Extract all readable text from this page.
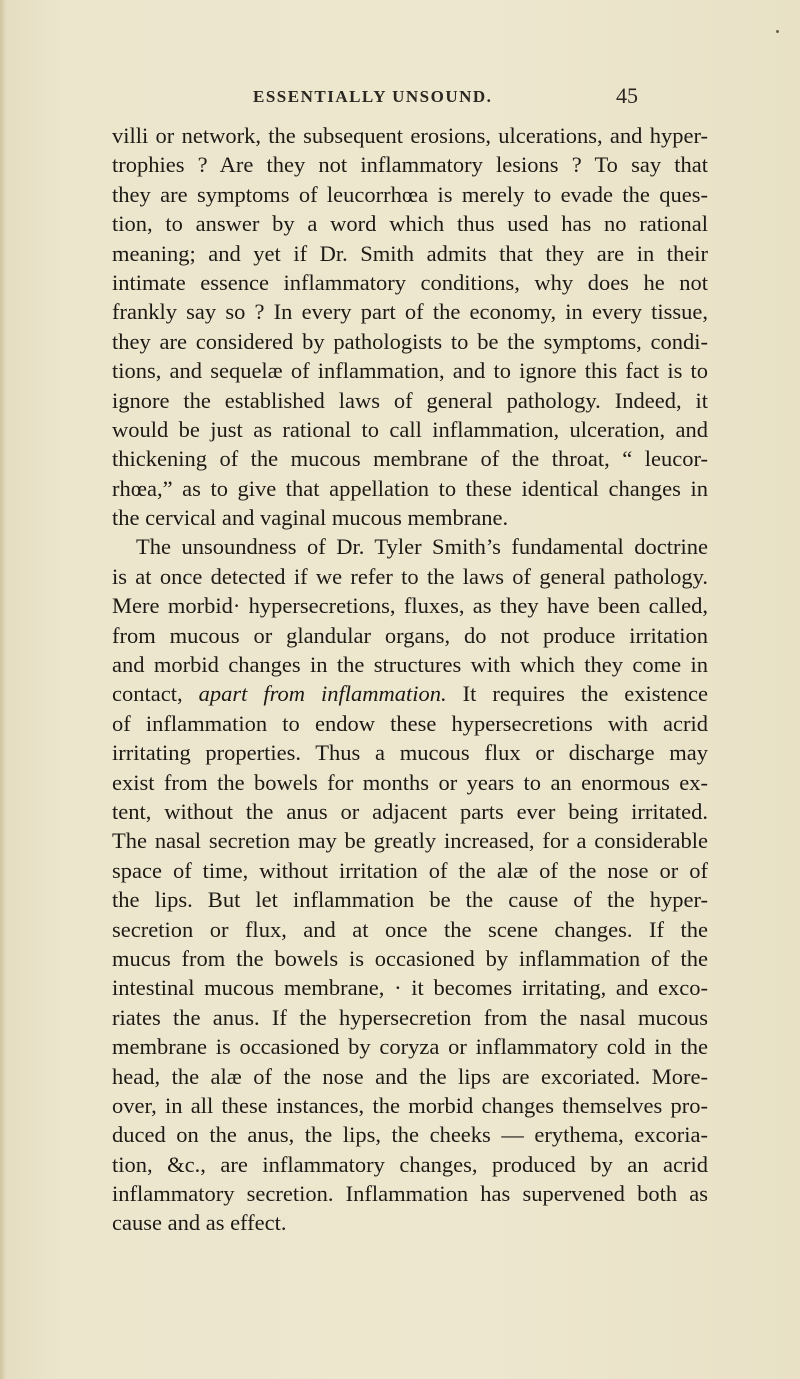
ESSENTIALLY UNSOUND.	45
villi or network, the subsequent erosions, ulcerations, and hyper-
trophies ? Are they not inflammatory lesions ? To say that
they are symptoms of leucorrhœa is merely to evade the ques-
tion, to answer by a word which thus used has no rational
meaning; and yet if Dr. Smith admits that they are in their
intimate essence inflammatory conditions, why does he not
frankly say so ? In every part of the economy, in every tissue,
they are considered by pathologists to be the symptoms, condi-
tions, and sequelæ of inflammation, and to ignore this fact is to
ignore the established laws of general pathology. Indeed, it
would be just as rational to call inflammation, ulceration, and
thickening of the mucous membrane of the throat, “ leucor-
rhœa,” as to give that appellation to these identical changes in
the cervical and vaginal mucous membrane.
The unsoundness of Dr. Tyler Smith’s fundamental doctrine
is at once detected if we refer to the laws of general pathology.
Mere morbid· hypersecretions, fluxes, as they have been called,
from mucous or glandular organs, do not produce irritation
and morbid changes in the structures with which they come in
contact, apart from inflammation. It requires the existence
of inflammation to endow these hypersecretions with acrid
irritating properties. Thus a mucous flux or discharge may
exist from the bowels for months or years to an enormous ex-
tent, without the anus or adjacent parts ever being irritated.
The nasal secretion may be greatly increased, for a considerable
space of time, without irritation of the alæ of the nose or of
the lips. But let inflammation be the cause of the hyper-
secretion or flux, and at once the scene changes. If the
mucus from the bowels is occasioned by inflammation of the
intestinal mucous membrane, · it becomes irritating, and exco-
riates the anus. If the hypersecretion from the nasal mucous
membrane is occasioned by coryza or inflammatory cold in the
head, the alæ of the nose and the lips are excoriated. More-
over, in all these instances, the morbid changes themselves pro-
duced on the anus, the lips, the cheeks — erythema, excoria-
tion, &c., are inflammatory changes, produced by an acrid
inflammatory secretion. Inflammation has supervened both as
cause and as effect.
